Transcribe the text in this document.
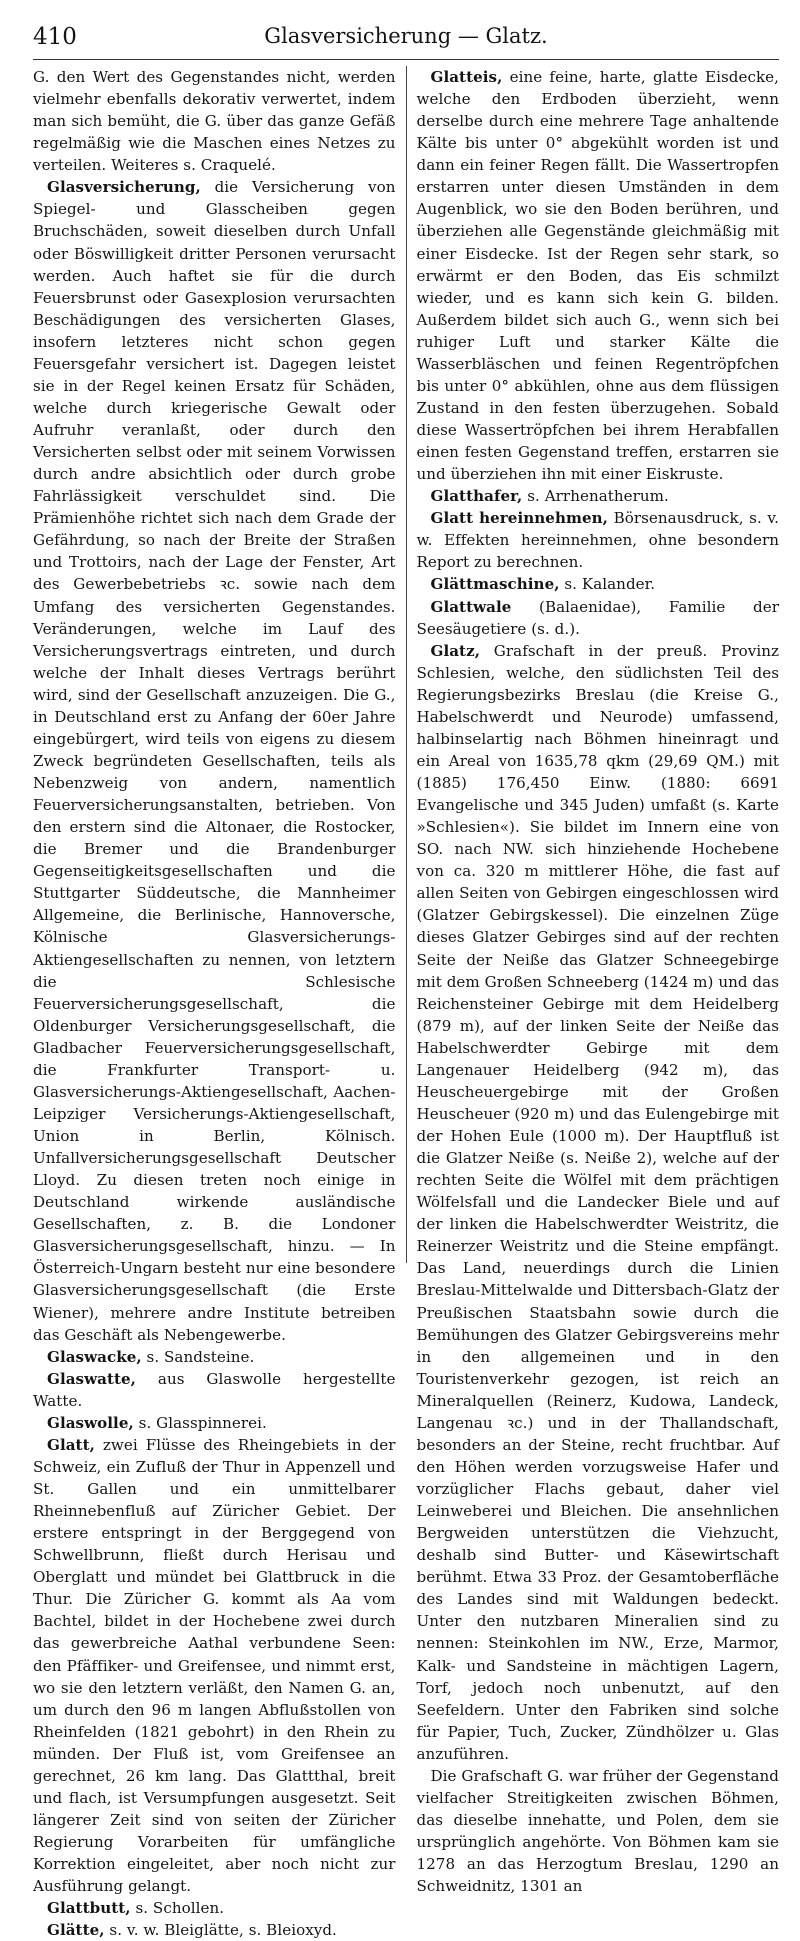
410	Glasversicherung — Glatz.

G. den Wert des Gegenstandes nicht, werden vielmehr ebenfalls dekorativ verwertet, indem man sich bemüht, die G. über das ganze Gefäß regelmäßig wie die Maschen eines Netzes zu verteilen. Weiteres s. Craquelé.

Glasversicherung, die Versicherung von Spiegel- und Glasscheiben gegen Bruchschäden, soweit dieselben durch Unfall oder Böswilligkeit dritter Personen verursacht werden. Auch haftet sie für die durch Feuersbrunst oder Gasexplosion verursachten Beschädigungen des versicherten Glases, insofern letzteres nicht schon gegen Feuersgefahr versichert ist. Dagegen leistet sie in der Regel keinen Ersatz für Schäden, welche durch kriegerische Gewalt oder Aufruhr veranlaßt, oder durch den Versicherten selbst oder mit seinem Vorwissen durch andre absichtlich oder durch grobe Fahrlässigkeit verschuldet sind. Die Prämienhöhe richtet sich nach dem Grade der Gefährdung, so nach der Breite der Straßen und Trottoirs, nach der Lage der Fenster, Art des Gewerbebetriebs ꝛc. sowie nach dem Umfang des versicherten Gegenstandes. Veränderungen, welche im Lauf des Versicherungsvertrags eintreten, und durch welche der Inhalt dieses Vertrags berührt wird, sind der Gesellschaft anzuzeigen. Die G., in Deutschland erst zu Anfang der 60er Jahre eingebürgert, wird teils von eigens zu diesem Zweck begründeten Gesellschaften, teils als Nebenzweig von andern, namentlich Feuerversicherungsanstalten, betrieben. Von den erstern sind die Altonaer, die Rostocker, die Bremer und die Brandenburger Gegenseitigkeitsgesellschaften und die Stuttgarter Süddeutsche, die Mannheimer Allgemeine, die Berlinische, Hannoversche, Kölnische Glasversicherungs-Aktiengesellschaften zu nennen, von letztern die Schlesische Feuerversicherungsgesellschaft, die Oldenburger Versicherungsgesellschaft, die Gladbacher Feuerversicherungsgesellschaft, die Frankfurter Transport- u. Glasversicherungs-Aktiengesellschaft, Aachen-Leipziger Versicherungs-Aktiengesellschaft, Union in Berlin, Kölnisch. Unfallversicherungsgesellschaft Deutscher Lloyd. Zu diesen treten noch einige in Deutschland wirkende ausländische Gesellschaften, z. B. die Londoner Glasversicherungsgesellschaft, hinzu. — In Österreich-Ungarn besteht nur eine besondere Glasversicherungsgesellschaft (die Erste Wiener), mehrere andre Institute betreiben das Geschäft als Nebengewerbe.

Glaswacke, s. Sandsteine.

Glaswatte, aus Glaswolle hergestellte Watte.

Glaswolle, s. Glasspinnerei.

Glatt, zwei Flüsse des Rheingebiets in der Schweiz, ein Zufluß der Thur in Appenzell und St. Gallen und ein unmittelbarer Rheinnebenfluß auf Züricher Gebiet. Der erstere entspringt in der Berggegend von Schwellbrunn, fließt durch Herisau und Oberglatt und mündet bei Glattbruck in die Thur. Die Züricher G. kommt als Aa vom Bachtel, bildet in der Hochebene zwei durch das gewerbreiche Aathal verbundene Seen: den Pfäffiker- und Greifensee, und nimmt erst, wo sie den letztern verläßt, den Namen G. an, um durch den 96 m langen Abflußstollen von Rheinfelden (1821 gebohrt) in den Rhein zu münden. Der Fluß ist, vom Greifensee an gerechnet, 26 km lang. Das Glattthal, breit und flach, ist Versumpfungen ausgesetzt. Seit längerer Zeit sind von seiten der Züricher Regierung Vorarbeiten für umfängliche Korrektion eingeleitet, aber noch nicht zur Ausführung gelangt.

Glattbutt, s. Schollen.

Glätte, s. v. w. Bleiglätte, s. Bleioxyd.

Glatteis, eine feine, harte, glatte Eisdecke, welche den Erdboden überzieht, wenn derselbe durch eine mehrere Tage anhaltende Kälte bis unter 0° abgekühlt worden ist und dann ein feiner Regen fällt. Die Wassertropfen erstarren unter diesen Umständen in dem Augenblick, wo sie den Boden berühren, und überziehen alle Gegenstände gleichmäßig mit einer Eisdecke. Ist der Regen sehr stark, so erwärmt er den Boden, das Eis schmilzt wieder, und es kann sich kein G. bilden. Außerdem bildet sich auch G., wenn sich bei ruhiger Luft und starker Kälte die Wasserbläschen und feinen Regentröpfchen bis unter 0° abkühlen, ohne aus dem flüssigen Zustand in den festen überzugehen. Sobald diese Wassertröpfchen bei ihrem Herabfallen einen festen Gegenstand treffen, erstarren sie und überziehen ihn mit einer Eiskruste.

Glatthafer, s. Arrhenatherum.

Glatt hereinnehmen, Börsenausdruck, s. v. w. Effekten hereinnehmen, ohne besondern Report zu berechnen.

Glättmaschine, s. Kalander.

Glattwale (Balaenidae), Familie der Seesäugetiere (s. d.).

Glatz, Grafschaft in der preuß. Provinz Schlesien, welche, den südlichsten Teil des Regierungsbezirks Breslau (die Kreise G., Habelschwerdt und Neurode) umfassend, halbinselartig nach Böhmen hineinragt und ein Areal von 1635,78 qkm (29,69 QM.) mit (1885) 176,450 Einw. (1880: 6691 Evangelische und 345 Juden) umfaßt (s. Karte »Schlesien«). Sie bildet im Innern eine von SO. nach NW. sich hinziehende Hochebene von ca. 320 m mittlerer Höhe, die fast auf allen Seiten von Gebirgen eingeschlossen wird (Glatzer Gebirgskessel). Die einzelnen Züge dieses Glatzer Gebirges sind auf der rechten Seite der Neiße das Glatzer Schneegebirge mit dem Großen Schneeberg (1424 m) und das Reichensteiner Gebirge mit dem Heidelberg (879 m), auf der linken Seite der Neiße das Habelschwerdter Gebirge mit dem Langenauer Heidelberg (942 m), das Heuscheuergebirge mit der Großen Heuscheuer (920 m) und das Eulengebirge mit der Hohen Eule (1000 m). Der Hauptfluß ist die Glatzer Neiße (s. Neiße 2), welche auf der rechten Seite die Wölfel mit dem prächtigen Wölfelsfall und die Landecker Biele und auf der linken die Habelschwerdter Weistritz, die Reinerzer Weistritz und die Steine empfängt. Das Land, neuerdings durch die Linien Breslau-Mittelwalde und Dittersbach-Glatz der Preußischen Staatsbahn sowie durch die Bemühungen des Glatzer Gebirgsvereins mehr in den allgemeinen und in den Touristenverkehr gezogen, ist reich an Mineralquellen (Reinerz, Kudowa, Landeck, Langenau ꝛc.) und in der Thallandschaft, besonders an der Steine, recht fruchtbar. Auf den Höhen werden vorzugsweise Hafer und vorzüglicher Flachs gebaut, daher viel Leinweberei und Bleichen. Die ansehnlichen Bergweiden unterstützen die Viehzucht, deshalb sind Butter- und Käsewirtschaft berühmt. Etwa 33 Proz. der Gesamtoberfläche des Landes sind mit Waldungen bedeckt. Unter den nutzbaren Mineralien sind zu nennen: Steinkohlen im NW., Erze, Marmor, Kalk- und Sandsteine in mächtigen Lagern, Torf, jedoch noch unbenutzt, auf den Seefeldern. Unter den Fabriken sind solche für Papier, Tuch, Zucker, Zündhölzer u. Glas anzuführen.

Die Grafschaft G. war früher der Gegenstand vielfacher Streitigkeiten zwischen Böhmen, das dieselbe innehatte, und Polen, dem sie ursprünglich angehörte. Von Böhmen kam sie 1278 an das Herzogtum Breslau, 1290 an Schweidnitz, 1301 an
